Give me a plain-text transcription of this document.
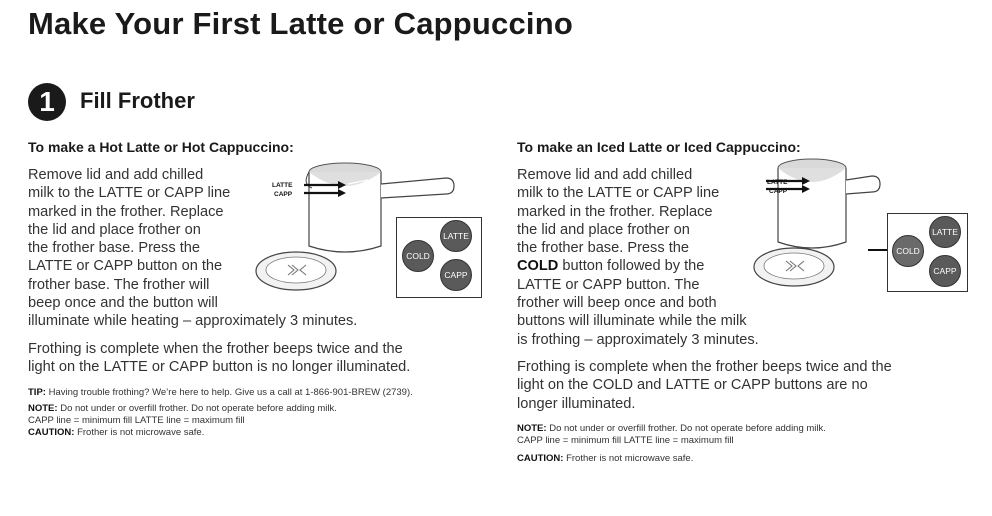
Make Your First Latte or Cappuccino
1	Fill Frother
To make a Hot Latte or Hot Cappuccino:
Remove lid and add chilled
milk to the LATTE or CAPP line
marked in the frother. Replace
the lid and place frother on
the frother base. Press the
LATTE or CAPP button on the
frother base. The frother will
beep once and the button will
illuminate while heating – approximately 3 minutes.
Frothing is complete when the frother beeps twice and the
light on the LATTE or CAPP button is no longer illuminated.
TIP: Having trouble frothing? We’re here to help. Give us a call at 1-866-901-BREW (2739).
NOTE: Do not under or overfill frother. Do not operate before adding milk.
CAPP line = minimum fill LATTE line = maximum fill
CAUTION: Frother is not microwave safe.
LATTE
CAPP
LATTE
COLD
CAPP
To make an Iced Latte or Iced Cappuccino:
Remove lid and add chilled
milk to the LATTE or CAPP line
marked in the frother. Replace
the lid and place frother on
the frother base. Press the
COLD button followed by the
LATTE or CAPP button. The
frother will beep once and both
buttons will illuminate while the milk
is frothing – approximately 3 minutes.
Frothing is complete when the frother beeps twice and the
light on the COLD and LATTE or CAPP buttons are no
longer illuminated.
NOTE: Do not under or overfill frother. Do not operate before adding milk.
CAPP line = minimum fill LATTE line = maximum fill
CAUTION: Frother is not microwave safe.
LATTE
CAPP
LATTE
COLD
CAPP
